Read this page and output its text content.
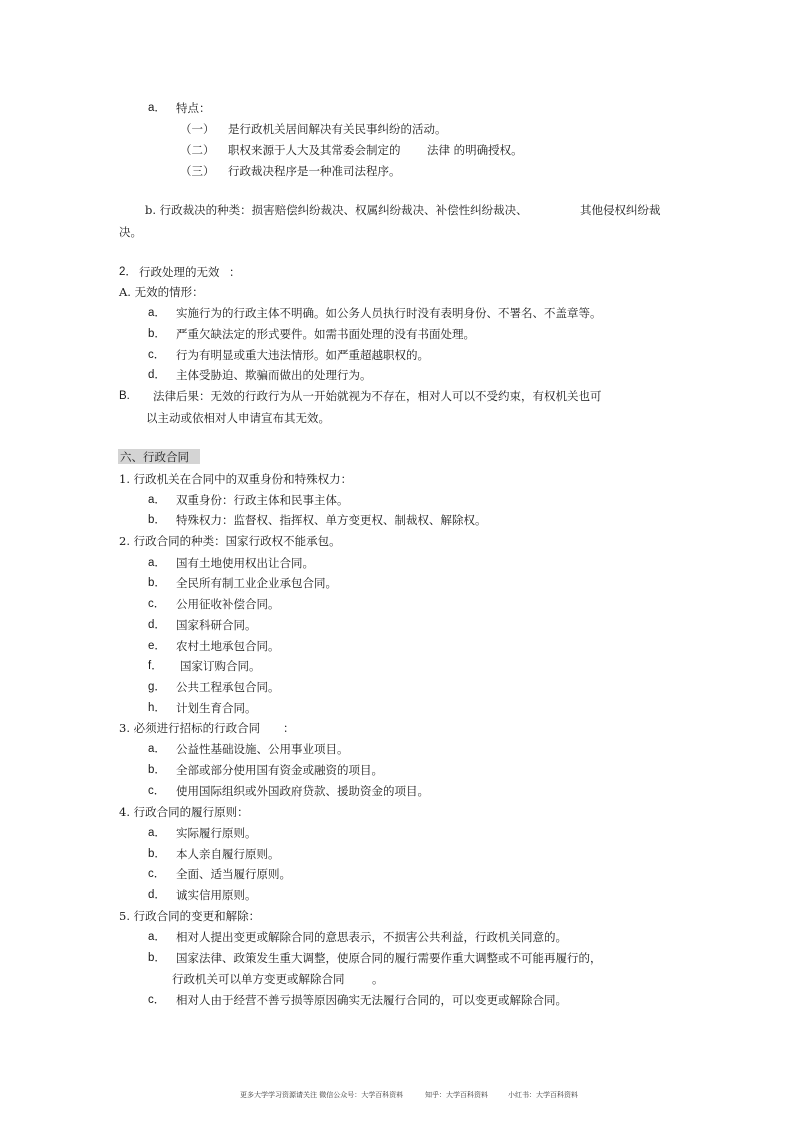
a． 特点：
（一） 是行政机关居间解决有关民事纠纷的活动。
（二） 职权来源于人大及其常委会制定的 法律 的明确授权。
（三） 行政裁决程序是一种准司法程序。
b. 行政裁决的种类：损害赔偿纠纷裁决、权属纠纷裁决、补偿性纠纷裁决、	其他侵权纠纷裁
决。
2． 行政处理的无效 ：
A. 无效的情形：
a． 实施行为的行政主体不明确。如公务人员执行时没有表明身份、不署名、不盖章等。
b． 严重欠缺法定的形式要件。如需书面处理的没有书面处理。
c． 行为有明显或重大违法情形。如严重超越职权的。
d． 主体受胁迫、欺骗而做出的处理行为。
B. 法律后果：无效的行政行为从一开始就视为不存在，相对人可以不受约束，有权机关也可
以主动或依相对人申请宣布其无效。
六、行政合同
1. 行政机关在合同中的双重身份和特殊权力：
a． 双重身份：行政主体和民事主体。
b． 特殊权力：监督权、指挥权、单方变更权、制裁权、解除权。
2. 行政合同的种类：国家行政权不能承包。
a． 国有土地使用权出让合同。
b． 全民所有制工业企业承包合同。
c． 公用征收补偿合同。
d． 国家科研合同。
e． 农村土地承包合同。
f． 国家订购合同。
g． 公共工程承包合同。
h． 计划生育合同。
3. 必须进行招标的行政合同 ：
a． 公益性基础设施、公用事业项目。
b． 全部或部分使用国有资金或融资的项目。
c． 使用国际组织或外国政府贷款、援助资金的项目。
4. 行政合同的履行原则：
a． 实际履行原则。
b． 本人亲自履行原则。
c． 全面、适当履行原则。
d． 诚实信用原则。
5. 行政合同的变更和解除：
a． 相对人提出变更或解除合同的意思表示，不损害公共利益，行政机关同意的。
b． 国家法律、政策发生重大调整，使原合同的履行需要作重大调整或不可能再履行的，
行政机关可以单方变更或解除合同 。
c． 相对人由于经营不善亏损等原因确实无法履行合同的，可以变更或解除合同。
更多大学学习资源请关注 微信公众号：大学百科资料	知乎：大学百科资料	小红书：大学百科资料
